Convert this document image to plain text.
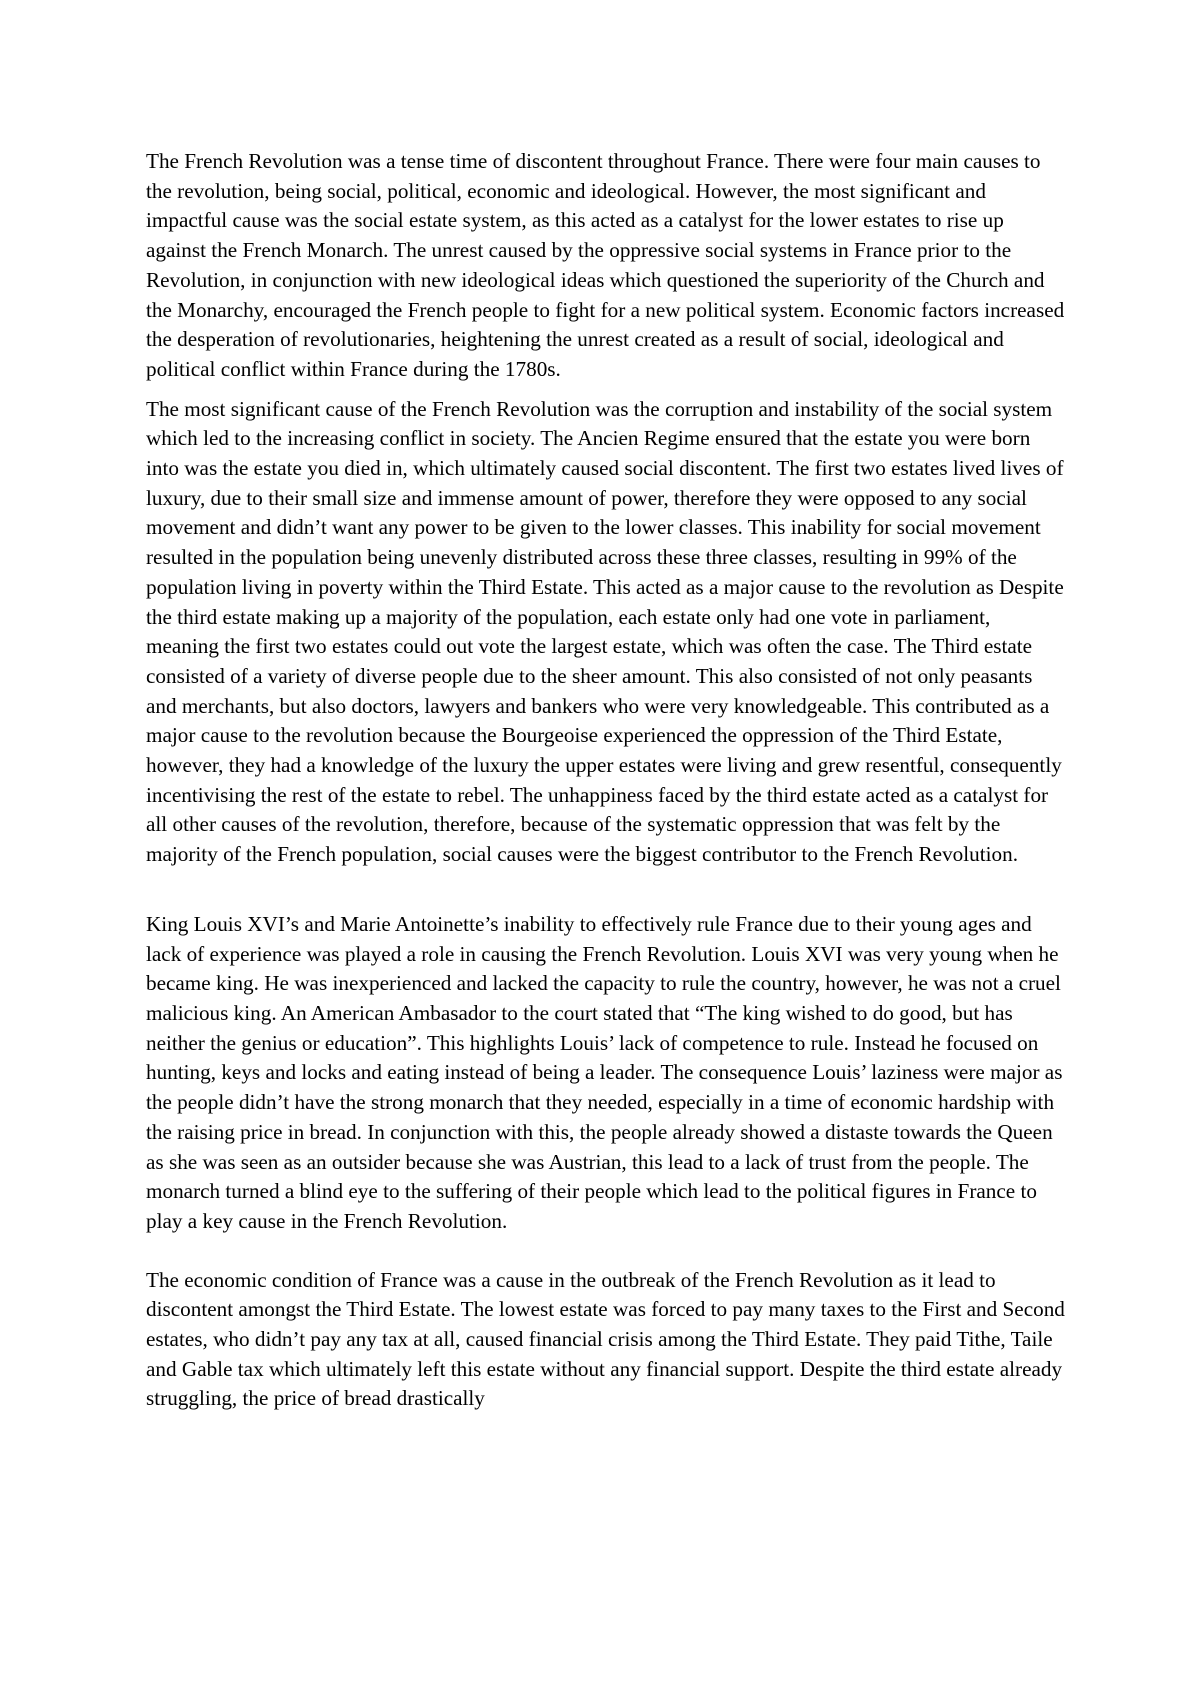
The French Revolution was a tense time of discontent throughout France. There were four main causes to the revolution, being social, political, economic and ideological. However, the most significant and impactful cause was the social estate system, as this acted as a catalyst for the lower estates to rise up against the French Monarch. The unrest caused by the oppressive social systems in France prior to the Revolution, in conjunction with new ideological ideas which questioned the superiority of the Church and the Monarchy, encouraged the French people to fight for a new political system. Economic factors increased the desperation of revolutionaries, heightening the unrest created as a result of social, ideological and political conflict within France during the 1780s.

The most significant cause of the French Revolution was the corruption and instability of the social system which led to the increasing conflict in society. The Ancien Regime ensured that the estate you were born into was the estate you died in, which ultimately caused social discontent. The first two estates lived lives of luxury, due to their small size and immense amount of power, therefore they were opposed to any social movement and didn’t want any power to be given to the lower classes. This inability for social movement resulted in the population being unevenly distributed across these three classes, resulting in 99% of the population living in poverty within the Third Estate. This acted as a major cause to the revolution as Despite the third estate making up a majority of the population, each estate only had one vote in parliament, meaning the first two estates could out vote the largest estate, which was often the case. The Third estate consisted of a variety of diverse people due to the sheer amount. This also consisted of not only peasants and merchants, but also doctors, lawyers and bankers who were very knowledgeable. This contributed as a major cause to the revolution because the Bourgeoise experienced the oppression of the Third Estate, however, they had a knowledge of the luxury the upper estates were living and grew resentful, consequently incentivising the rest of the estate to rebel. The unhappiness faced by the third estate acted as a catalyst for all other causes of the revolution, therefore, because of the systematic oppression that was felt by the majority of the French population, social causes were the biggest contributor to the French Revolution.

King Louis XVI’s and Marie Antoinette’s inability to effectively rule France due to their young ages and lack of experience was played a role in causing the French Revolution. Louis XVI was very young when he became king. He was inexperienced and lacked the capacity to rule the country, however, he was not a cruel malicious king. An American Ambasador to the court stated that “The king wished to do good, but has neither the genius or education”. This highlights Louis’ lack of competence to rule. Instead he focused on hunting, keys and locks and eating instead of being a leader. The consequence Louis’ laziness were major as the people didn’t have the strong monarch that they needed, especially in a time of economic hardship with the raising price in bread. In conjunction with this, the people already showed a distaste towards the Queen as she was seen as an outsider because she was Austrian, this lead to a lack of trust from the people. The monarch turned a blind eye to the suffering of their people which lead to the political figures in France to play a key cause in the French Revolution.

The economic condition of France was a cause in the outbreak of the French Revolution as it lead to discontent amongst the Third Estate. The lowest estate was forced to pay many taxes to the First and Second estates, who didn’t pay any tax at all, caused financial crisis among the Third Estate. They paid Tithe, Taile and Gable tax which ultimately left this estate without any financial support. Despite the third estate already struggling, the price of bread drastically
